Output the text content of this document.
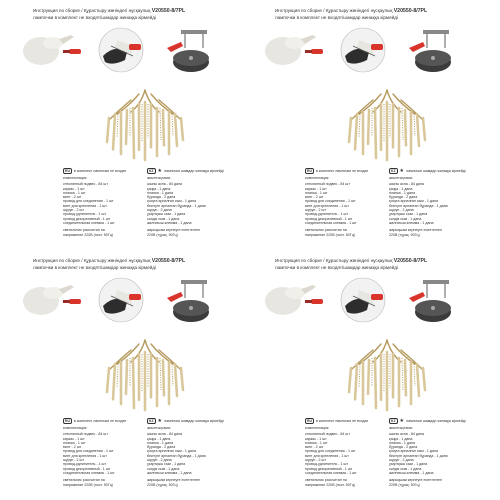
Инструкция по сборке / Құрастыру жөніндегі нұсқаулық V20550-8/7PL
лампочки в комплект не входят/шамдар жинаққа кірмейді
RU в комплект лампочки не входят	KZ ★ лампочки шамдар жинаққа кірмейді
комплектация:
стеклянный подвес - 84 шт
каркас - 1 шт
планка - 1 шт
винт - 2 шт
провод для соединения - 1 шт
винт для крепления - 1 шт
шуруп - 2 шт
провод-удлинитель - 1 шт
провод декоративный - 1 шт
соединительная клемма - 1 шт
светильник рассчитан на
напряжение 220В (пост. 50Гц)
жиынтықтама:
шыны аспа - 84 дана
қаңқа - 1 дана
планка - 1 дана
бұранда - 2 дана
қосуға арналған сым - 1 дана
бекітуге арналған бұранда - 1 дана
шуруп - 2 дана
ұзартқыш сым - 1 дана
сәндік сым - 1 дана
жалғағыш клемма - 1 дана
жарықшам кернеуге есептелген
220В (тұрақ. 50Гц)
Инструкция по сборке / Құрастыру жөніндегі нұсқаулық V20550-8/7PL
лампочки в комплект не входят/шамдар жинаққа кірмейді
RU в комплект лампочки не входят	KZ ★ лампочки шамдар жинаққа кірмейді
комплектация:
стеклянный подвес - 84 шт
каркас - 1 шт
планка - 1 шт
винт - 2 шт
провод для соединения - 1 шт
винт для крепления - 1 шт
шуруп - 2 шт
провод-удлинитель - 1 шт
провод декоративный - 1 шт
соединительная клемма - 1 шт
светильник рассчитан на
напряжение 220В (пост. 50Гц)
жиынтықтама:
шыны аспа - 84 дана
қаңқа - 1 дана
планка - 1 дана
бұранда - 2 дана
қосуға арналған сым - 1 дана
бекітуге арналған бұранда - 1 дана
шуруп - 2 дана
ұзартқыш сым - 1 дана
сәндік сым - 1 дана
жалғағыш клемма - 1 дана
жарықшам кернеуге есептелген
220В (тұрақ. 50Гц)
Инструкция по сборке / Құрастыру жөніндегі нұсқаулық V20550-8/7PL
лампочки в комплект не входят/шамдар жинаққа кірмейді
RU в комплект лампочки не входят	KZ ★ лампочки шамдар жинаққа кірмейді
комплектация:
стеклянный подвес - 84 шт
каркас - 1 шт
планка - 1 шт
винт - 2 шт
провод для соединения - 1 шт
винт для крепления - 1 шт
шуруп - 2 шт
провод-удлинитель - 1 шт
провод декоративный - 1 шт
соединительная клемма - 1 шт
светильник рассчитан на
напряжение 220В (пост. 50Гц)
жиынтықтама:
шыны аспа - 84 дана
қаңқа - 1 дана
планка - 1 дана
бұранда - 2 дана
қосуға арналған сым - 1 дана
бекітуге арналған бұранда - 1 дана
шуруп - 2 дана
ұзартқыш сым - 1 дана
сәндік сым - 1 дана
жалғағыш клемма - 1 дана
жарықшам кернеуге есептелген
220В (тұрақ. 50Гц)
Инструкция по сборке / Құрастыру жөніндегі нұсқаулық V20550-8/7PL
лампочки в комплект не входят/шамдар жинаққа кірмейді
RU в комплект лампочки не входят	KZ ★ лампочки шамдар жинаққа кірмейді
комплектация:
стеклянный подвес - 84 шт
каркас - 1 шт
планка - 1 шт
винт - 2 шт
провод для соединения - 1 шт
винт для крепления - 1 шт
шуруп - 2 шт
провод-удлинитель - 1 шт
провод декоративный - 1 шт
соединительная клемма - 1 шт
светильник рассчитан на
напряжение 220В (пост. 50Гц)
жиынтықтама:
шыны аспа - 84 дана
қаңқа - 1 дана
планка - 1 дана
бұранда - 2 дана
қосуға арналған сым - 1 дана
бекітуге арналған бұранда - 1 дана
шуруп - 2 дана
ұзартқыш сым - 1 дана
сәндік сым - 1 дана
жалғағыш клемма - 1 дана
жарықшам кернеуге есептелген
220В (тұрақ. 50Гц)
